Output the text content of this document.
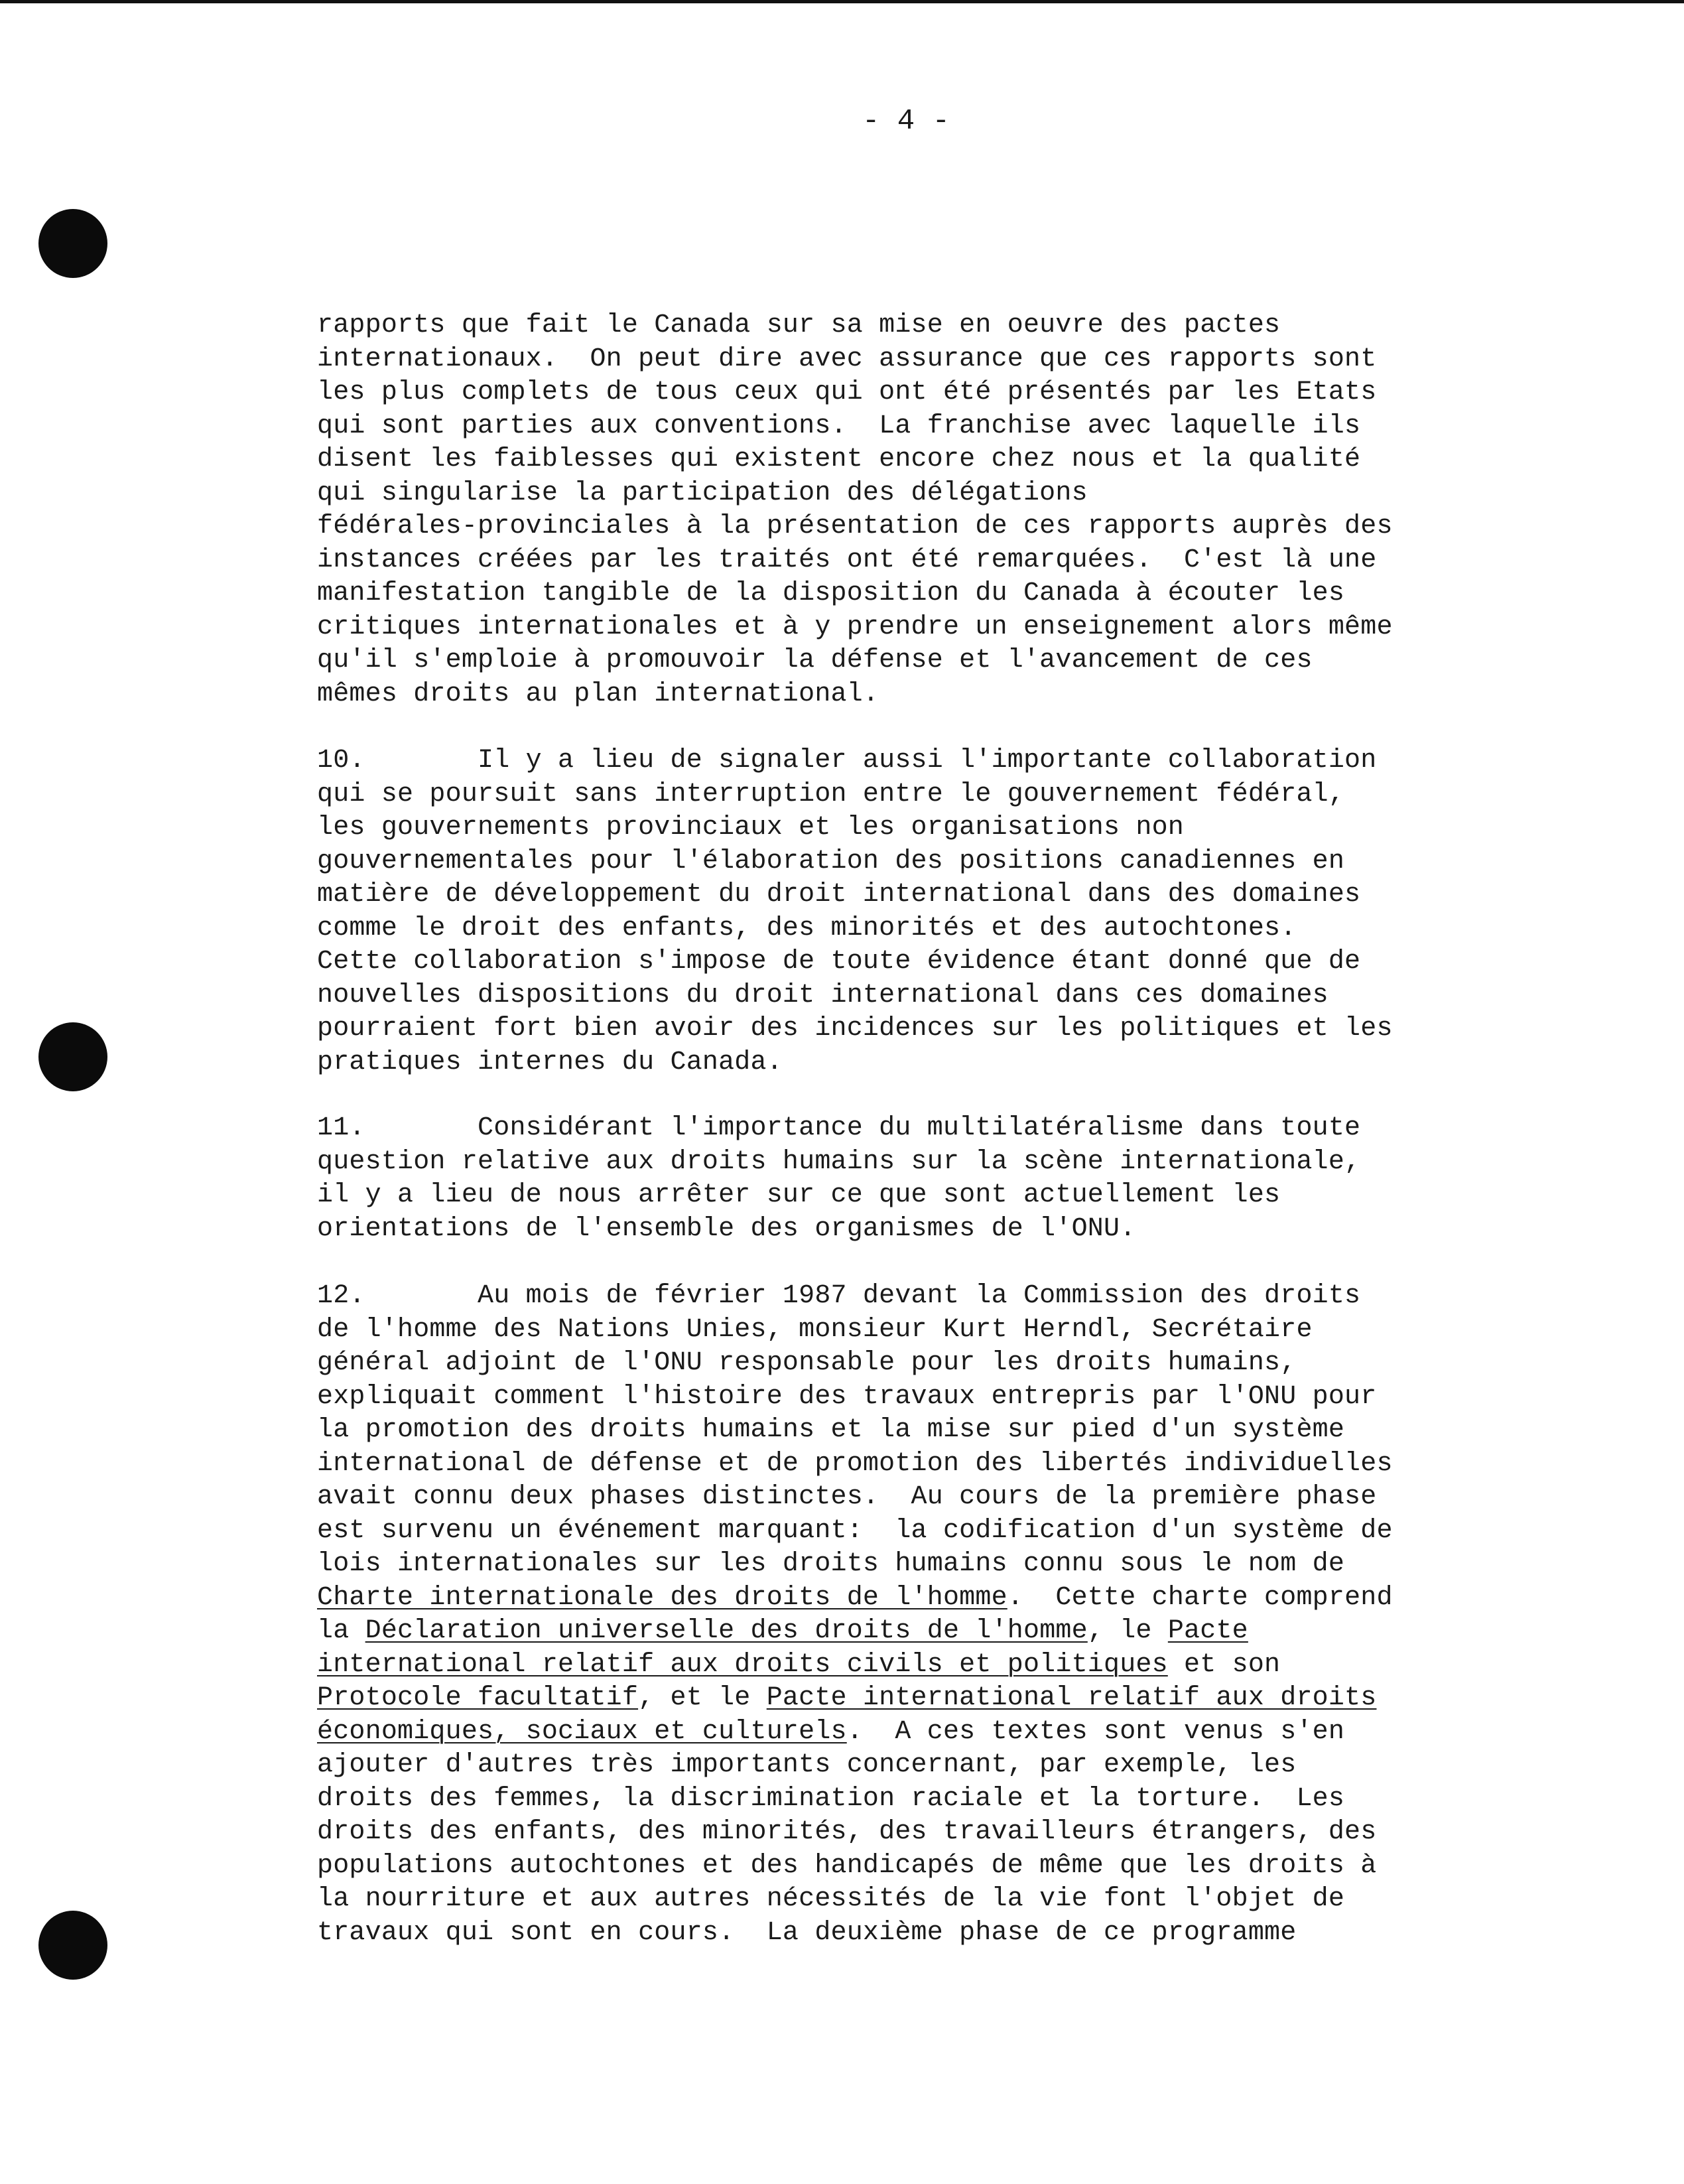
- 4 -
rapports que fait le Canada sur sa mise en oeuvre des pactes
internationaux.  On peut dire avec assurance que ces rapports sont
les plus complets de tous ceux qui ont été présentés par les Etats
qui sont parties aux conventions.  La franchise avec laquelle ils
disent les faiblesses qui existent encore chez nous et la qualité
qui singularise la participation des délégations
fédérales-provinciales à la présentation de ces rapports auprès des
instances créées par les traités ont été remarquées.  C'est là une
manifestation tangible de la disposition du Canada à écouter les
critiques internationales et à y prendre un enseignement alors même
qu'il s'emploie à promouvoir la défense et l'avancement de ces
mêmes droits au plan international.
10.       Il y a lieu de signaler aussi l'importante collaboration
qui se poursuit sans interruption entre le gouvernement fédéral,
les gouvernements provinciaux et les organisations non
gouvernementales pour l'élaboration des positions canadiennes en
matière de développement du droit international dans des domaines
comme le droit des enfants, des minorités et des autochtones.
Cette collaboration s'impose de toute évidence étant donné que de
nouvelles dispositions du droit international dans ces domaines
pourraient fort bien avoir des incidences sur les politiques et les
pratiques internes du Canada.
11.       Considérant l'importance du multilatéralisme dans toute
question relative aux droits humains sur la scène internationale,
il y a lieu de nous arrêter sur ce que sont actuellement les
orientations de l'ensemble des organismes de l'ONU.
12.       Au mois de février 1987 devant la Commission des droits
de l'homme des Nations Unies, monsieur Kurt Herndl, Secrétaire
général adjoint de l'ONU responsable pour les droits humains,
expliquait comment l'histoire des travaux entrepris par l'ONU pour
la promotion des droits humains et la mise sur pied d'un système
international de défense et de promotion des libertés individuelles
avait connu deux phases distinctes.  Au cours de la première phase
est survenu un événement marquant:  la codification d'un système de
lois internationales sur les droits humains connu sous le nom de
Charte internationale des droits de l'homme.  Cette charte comprend
la Déclaration universelle des droits de l'homme, le Pacte
international relatif aux droits civils et politiques et son
Protocole facultatif, et le Pacte international relatif aux droits
économiques, sociaux et culturels.  A ces textes sont venus s'en
ajouter d'autres très importants concernant, par exemple, les
droits des femmes, la discrimination raciale et la torture.  Les
droits des enfants, des minorités, des travailleurs étrangers, des
populations autochtones et des handicapés de même que les droits à
la nourriture et aux autres nécessités de la vie font l'objet de
travaux qui sont en cours.  La deuxième phase de ce programme
